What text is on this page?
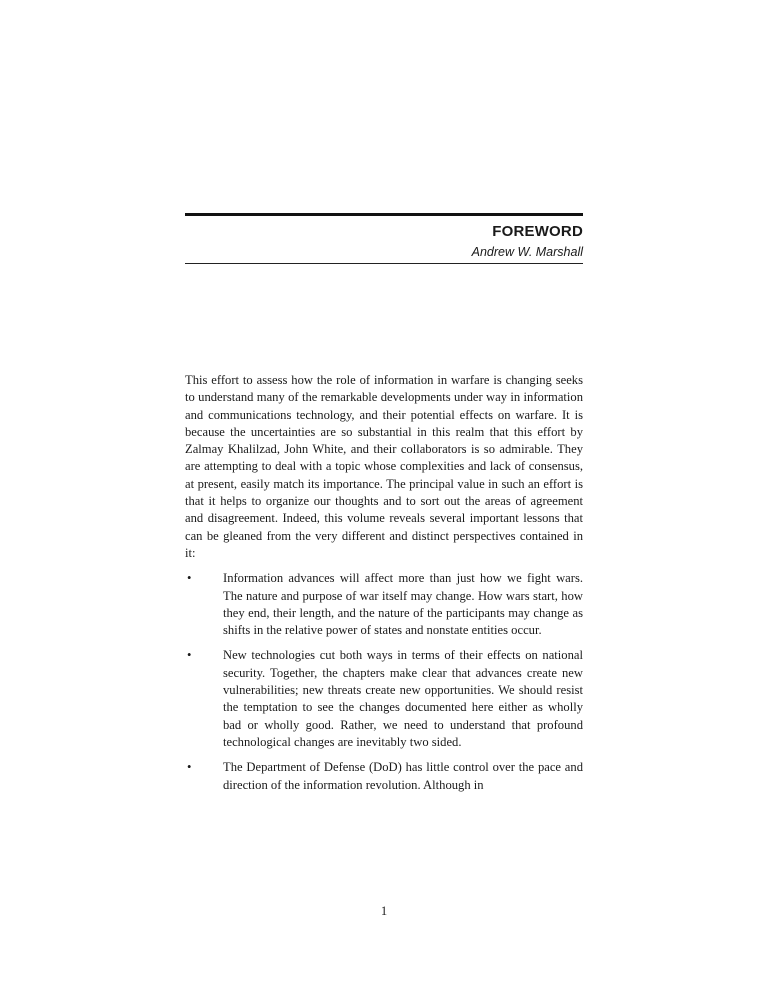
FOREWORD
Andrew W. Marshall

This effort to assess how the role of information in warfare is changing seeks to understand many of the remarkable developments under way in information and communications technology, and their potential effects on warfare. It is because the uncertainties are so substantial in this realm that this effort by Zalmay Khalilzad, John White, and their collaborators is so admirable. They are attempting to deal with a topic whose complexities and lack of consensus, at present, easily match its importance. The principal value in such an effort is that it helps to organize our thoughts and to sort out the areas of agreement and disagreement. Indeed, this volume reveals several important lessons that can be gleaned from the very different and distinct perspectives contained in it:

•	Information advances will affect more than just how we fight wars. The nature and purpose of war itself may change. How wars start, how they end, their length, and the nature of the participants may change as shifts in the relative power of states and nonstate entities occur.
•	New technologies cut both ways in terms of their effects on national security. Together, the chapters make clear that advances create new vulnerabilities; new threats create new opportunities. We should resist the temptation to see the changes documented here either as wholly bad or wholly good. Rather, we need to understand that profound technological changes are inevitably two sided.
•	The Department of Defense (DoD) has little control over the pace and direction of the information revolution. Although in
1
